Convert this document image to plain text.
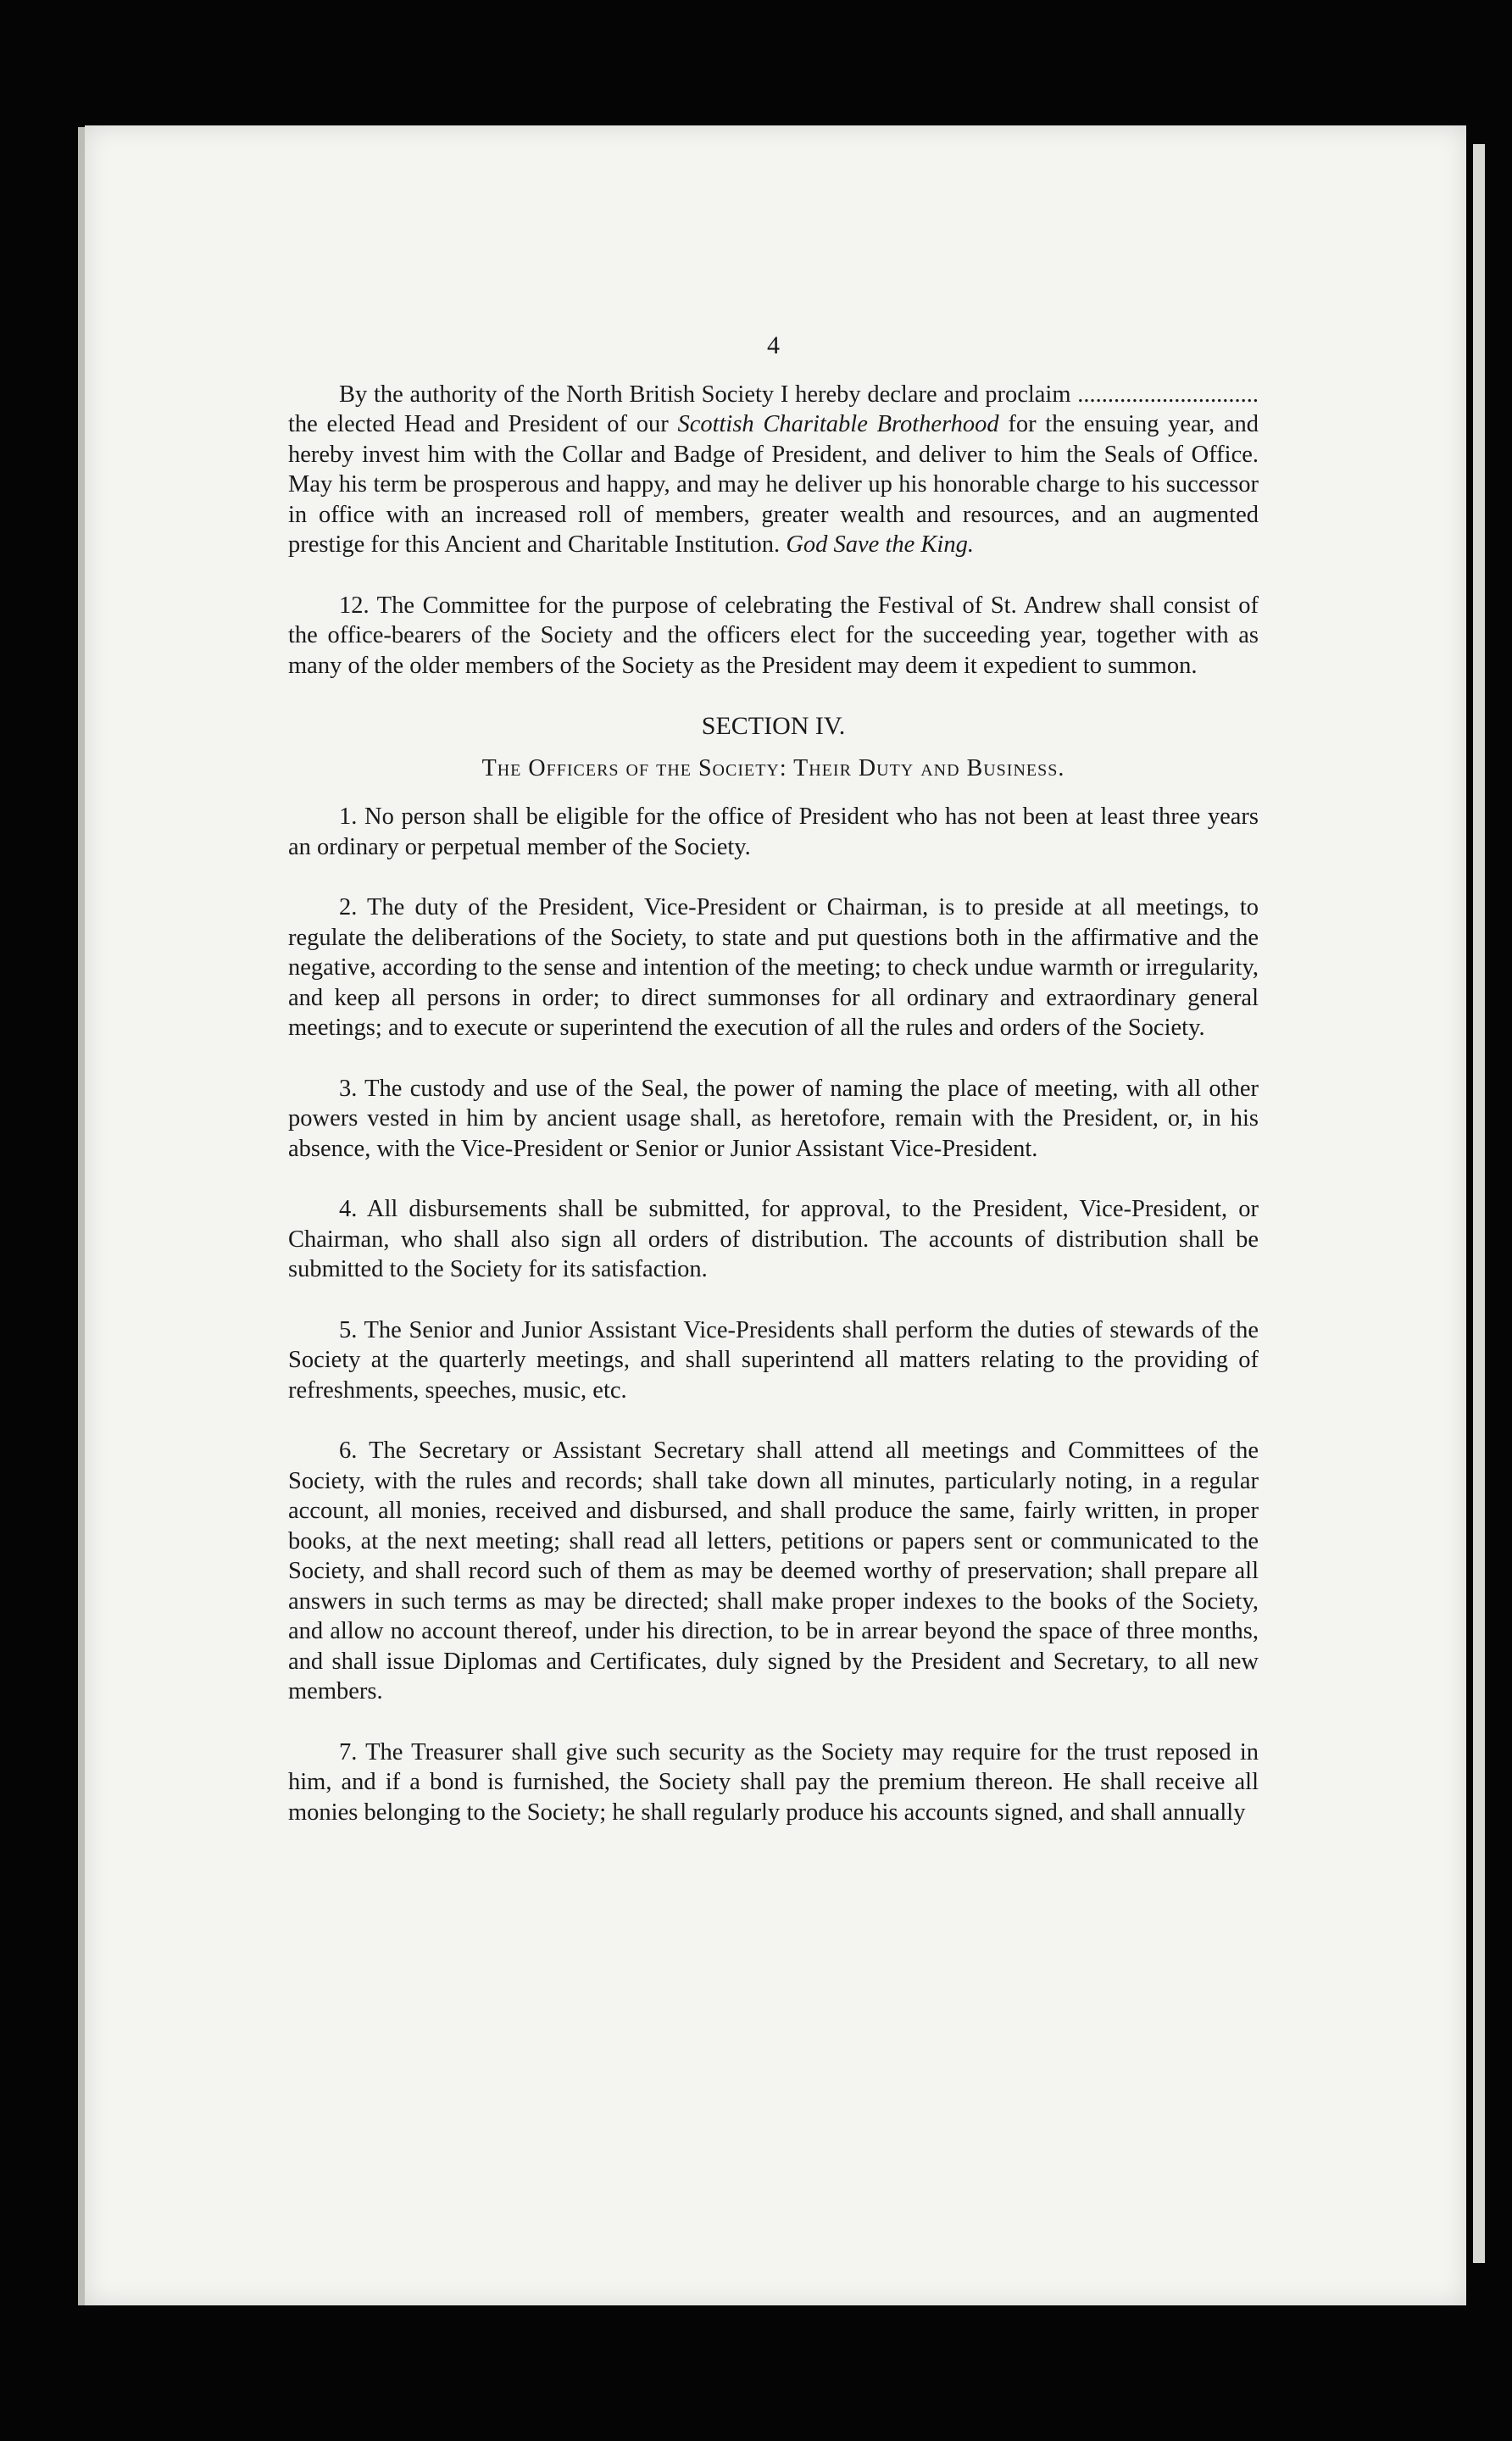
4

By the authority of the North British Society I hereby declare and proclaim .............................. the elected Head and President of our Scottish Charitable Brotherhood for the ensuing year, and hereby invest him with the Collar and Badge of President, and deliver to him the Seals of Office. May his term be prosperous and happy, and may he deliver up his honorable charge to his successor in office with an increased roll of members, greater wealth and resources, and an augmented prestige for this Ancient and Charitable Institution. God Save the King.

12. The Committee for the purpose of celebrating the Festival of St. Andrew shall consist of the office-bearers of the Society and the officers elect for the succeeding year, together with as many of the older members of the Society as the President may deem it expedient to summon.

SECTION IV.
The Officers of the Society: Their Duty and Business.

1. No person shall be eligible for the office of President who has not been at least three years an ordinary or perpetual member of the Society.

2. The duty of the President, Vice-President or Chairman, is to preside at all meetings, to regulate the deliberations of the Society, to state and put questions both in the affirmative and the negative, according to the sense and intention of the meeting; to check undue warmth or irregularity, and keep all persons in order; to direct summonses for all ordinary and extraordinary general meetings; and to execute or superintend the execution of all the rules and orders of the Society.

3. The custody and use of the Seal, the power of naming the place of meeting, with all other powers vested in him by ancient usage shall, as heretofore, remain with the President, or, in his absence, with the Vice-President or Senior or Junior Assistant Vice-President.

4. All disbursements shall be submitted, for approval, to the President, Vice-President, or Chairman, who shall also sign all orders of distribution. The accounts of distribution shall be submitted to the Society for its satisfaction.

5. The Senior and Junior Assistant Vice-Presidents shall perform the duties of stewards of the Society at the quarterly meetings, and shall superintend all matters relating to the providing of refreshments, speeches, music, etc.

6. The Secretary or Assistant Secretary shall attend all meetings and Committees of the Society, with the rules and records; shall take down all minutes, particularly noting, in a regular account, all monies, received and disbursed, and shall produce the same, fairly written, in proper books, at the next meeting; shall read all letters, petitions or papers sent or communicated to the Society, and shall record such of them as may be deemed worthy of preservation; shall prepare all answers in such terms as may be directed; shall make proper indexes to the books of the Society, and allow no account thereof, under his direction, to be in arrear beyond the space of three months, and shall issue Diplomas and Certificates, duly signed by the President and Secretary, to all new members.

7. The Treasurer shall give such security as the Society may require for the trust reposed in him, and if a bond is furnished, the Society shall pay the premium thereon. He shall receive all monies belonging to the Society; he shall regularly produce his accounts signed, and shall annually
